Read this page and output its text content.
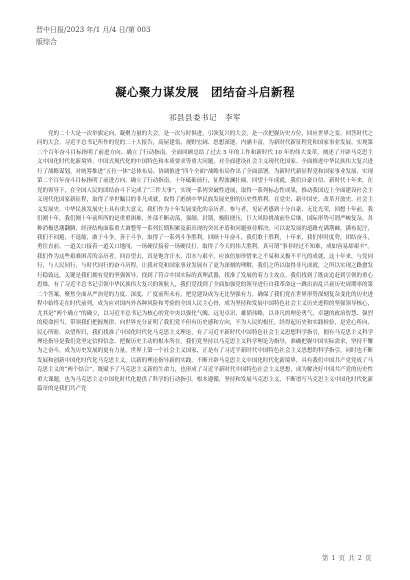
晋中日报/2023 年/1 月/4 日/第 003
版综合
凝心聚力谋发展　团结奋斗启新程
祁县县委书记　李军

党的二十大是一次举旗定向、凝聚力量的大会，是一次与时俱进，引领复兴的大会，是一次把握历史方位、回应世界之变、回答时代之问的大会。习近平总书记所作的党的二十大报告，高屋建瓴、视野宏阔、思想深邃、内涵丰富，为新时代新征程党和国家事业发展、实现第二个百年奋斗目标指明了前进方向、确立了行动指南。全面回顾总结了过去 5 年的工作和新时代 10 年的伟大变革，阐述了开辟马克思主义中国化时代化新境界、中国式现代化的中国特色和本质要求等重大问题，对全面建设社会主义现代化国家、全面推进中华民族伟大复兴进行了战略谋划，对统筹推进“五位一体”总体布局、协调推进“四个全面”战略布局作出了全面部署。为新时代新征程党和国家事业发展、实现第二个百年奋斗目标指明了前进方向、确立了行动指南。十年砥砺前行，征程波澜壮阔。回望十年成就，我们自豪自信。新时代十年来，在党的领导下，在全国人民的团结奋斗下完成了“三件大事”，实现一系列突破性进展，取得一系列标志性成果，推动我国迈上全面建设社会主义现代化国家新征程，取得了举世瞩目的非凡成就，取得了彪炳中华民族发展史册的历史性胜利。在党史、新中国史、改革开放史、社会主义发展史、中华民族发展史上具有重大意义，我们作为十年发展变化的亲历者、参与者，见证者感到十分自豪，无比光荣，回想十年前，我们刚十年，我们刚十年前所所的是重重困难，外部不断动荡，强制、封锁，极阻挠压，巨大风险挑战前仆后继，国际形势可谓严峻复杂，各种消极思潮翻腾，经济结构面临重大调整等一系列长期积累及新出现的突出矛盾和问题亟待解决，可以说发展的道路充满荆棘，满布泥泞，我们不回避，不退缩，敢于斗争，善于斗争，取得了一系列斗争胜利。回顾十年奋斗，我们歌于胜利，十年来，我们审时度势，团结奋斗，勇往直前，一道关口接着一道关口地闯，一场硬仗接着一场硬仗打，取得了今天的伟大胜利。真可谓“事非经过不知难，成如容易却艰辛”。我们作为这些艰难困苦的亲历者，回首望去，真是饱含汗水、泪水与艰辛，应该倍加珍惜来之不易和又极不平凡的成就，这十年来，与党同行，与人民同行，与时代同行的奋斗历程，让我对党和国家事业发展有了更为深刻的理解，我们之所以取得非凡成就，之所以实现之路愈发行稳致远，关键是我们拥有党的坚强领导，找到了符合中国实际的真理武器，找准了发展的着力主攻点。我们找到了既由追赶到引领的重心思维，有了习近平总书记引领中华民族伟大复兴的领航人，我们党找到了全面加强党的领导进行自我革命这一跳出治乱兴衰历史周期率的第二个答案。聚焦全面从严治党的力度、深度、广度前所未有，把党建设成为无比坚强有力，确保了我们党在世界形势深刻复杂变化的历史进程中始终走在时代前列，成为应对国内外各种风险和考验的全国人民主心骨，成为坚持和发展中国特色社会主义历史进程的坚强领导核心，尤其是“两个确立”的确立，以习近平总书记为核心的党中央以强化气魄、远见卓识、雄韬伟略，以非凡的理论勇气、卓越的政治智慧、强烈的使命担当，带领我们把握规律、向世界充分证明了我们党不但有历史感和方向，不为人民的根任，经得起历史和实践检验，是党心所向、民心所盼、众望所归，我们找准了中国化时代化马克思主义理论，有了习近平新时代中国特色社会主义思想科学指引，拥有马克思主义科学理论指导是我们党坚定信仰信念、把握历史主动的根本所在，我们党坚持以马克思主义科学理论为指导，准确把握中国实际需求，坚持不懈为之奋斗，成为历史发展的更有力量，世界上第一个社会主义国家，正是有了习近平新时代中国特色社会主义思想的科学指引，同时也不断发展和创新中国化时代化马克思主义，以新的理论指导新的实践，不断开辟马克思主义中国化时代化新境界，具有我们中国共产党党成了马克思主义的“两个结合”，既赋予了马克思主义新的生命力，也形成了习近平新时代中国特色社会主义思想，成为解决好中国共产党的历史性重大课题，也为马克思主义中国化时代化提供了科学的行动指引。根本遵循，坚持和发展马克思主义，不断谱写马克思主义中国化时代化新篇章的是我们共产党

第 1 页 共 2 页
